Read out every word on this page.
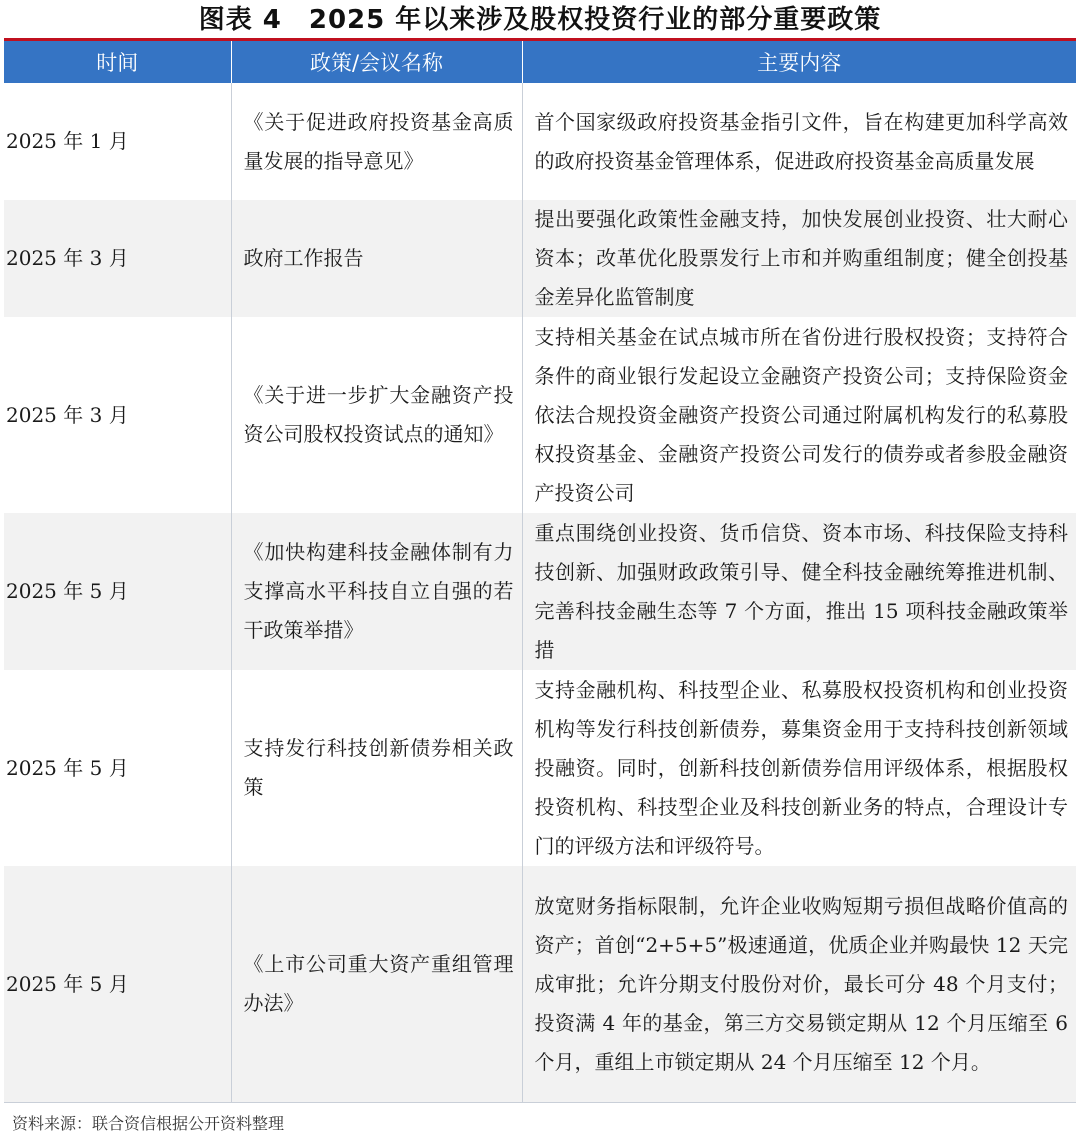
图表 4　2025 年以来涉及股权投资行业的部分重要政策
时间	政策/会议名称	主要内容
2025 年 1 月	《关于促进政府投资基金高质量发展的指导意见》	首个国家级政府投资基金指引文件，旨在构建更加科学高效的政府投资基金管理体系，促进政府投资基金高质量发展
2025 年 3 月	政府工作报告	提出要强化政策性金融支持，加快发展创业投资、壮大耐心资本；改革优化股票发行上市和并购重组制度；健全创投基金差异化监管制度
2025 年 3 月	《关于进一步扩大金融资产投资公司股权投资试点的通知》	支持相关基金在试点城市所在省份进行股权投资；支持符合条件的商业银行发起设立金融资产投资公司；支持保险资金依法合规投资金融资产投资公司通过附属机构发行的私募股权投资基金、金融资产投资公司发行的债券或者参股金融资产投资公司
2025 年 5 月	《加快构建科技金融体制有力支撑高水平科技自立自强的若干政策举措》	重点围绕创业投资、货币信贷、资本市场、科技保险支持科技创新、加强财政政策引导、健全科技金融统筹推进机制、完善科技金融生态等 7 个方面，推出 15 项科技金融政策举措
2025 年 5 月	支持发行科技创新债券相关政策	支持金融机构、科技型企业、私募股权投资机构和创业投资机构等发行科技创新债券，募集资金用于支持科技创新领域投融资。同时，创新科技创新债券信用评级体系，根据股权投资机构、科技型企业及科技创新业务的特点，合理设计专门的评级方法和评级符号。
2025 年 5 月	《上市公司重大资产重组管理办法》	放宽财务指标限制，允许企业收购短期亏损但战略价值高的资产；首创“2+5+5”极速通道，优质企业并购最快 12 天完成审批；允许分期支付股份对价，最长可分 48 个月支付；投资满 4 年的基金，第三方交易锁定期从 12 个月压缩至 6 个月，重组上市锁定期从 24 个月压缩至 12 个月。
资料来源：联合资信根据公开资料整理
